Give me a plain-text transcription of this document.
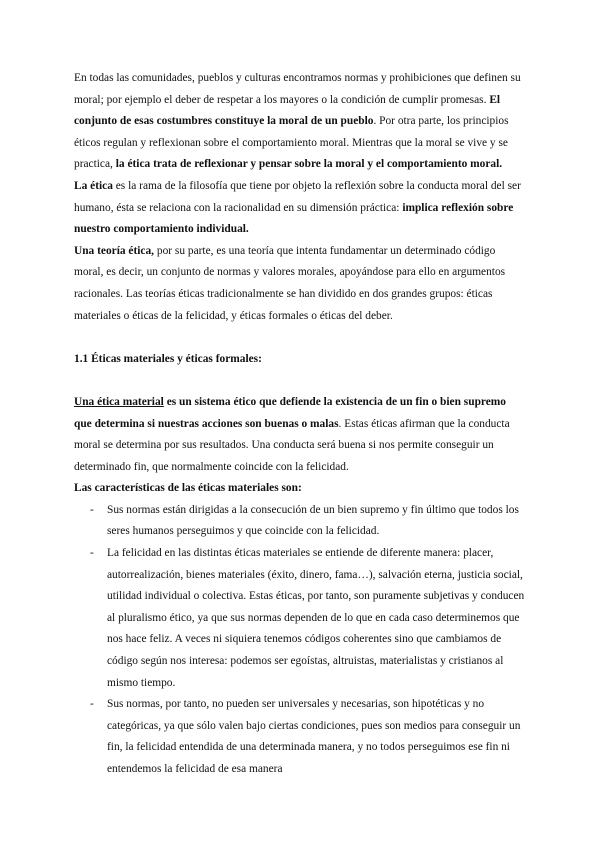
En todas las comunidades, pueblos y culturas encontramos normas y prohibiciones que definen su moral; por ejemplo el deber de respetar a los mayores o la condición de cumplir promesas. El conjunto de esas costumbres constituye la moral de un pueblo. Por otra parte, los principios éticos regulan y reflexionan sobre el comportamiento moral. Mientras que la moral se vive y se practica, la ética trata de reflexionar y pensar sobre la moral y el comportamiento moral.

La ética es la rama de la filosofía que tiene por objeto la reflexión sobre la conducta moral del ser humano, ésta se relaciona con la racionalidad en su dimensión práctica: implica reflexión sobre nuestro comportamiento individual.

Una teoría ética, por su parte, es una teoría que intenta fundamentar un determinado código moral, es decir, un conjunto de normas y valores morales, apoyándose para ello en argumentos racionales. Las teorías éticas tradicionalmente se han dividido en dos grandes grupos: éticas materiales o éticas de la felicidad, y éticas formales o éticas del deber.

1.1 Éticas materiales y éticas formales:

Una ética material es un sistema ético que defiende la existencia de un fin o bien supremo que determina si nuestras acciones son buenas o malas. Estas éticas afirman que la conducta moral se determina por sus resultados. Una conducta será buena si nos permite conseguir un determinado fin, que normalmente coincide con la felicidad.

Las características de las éticas materiales son:

- Sus normas están dirigidas a la consecución de un bien supremo y fin último que todos los seres humanos perseguimos y que coincide con la felicidad.
- La felicidad en las distintas éticas materiales se entiende de diferente manera: placer, autorrealización, bienes materiales (éxito, dinero, fama…), salvación eterna, justicia social, utilidad individual o colectiva. Estas éticas, por tanto, son puramente subjetivas y conducen al pluralismo ético, ya que sus normas dependen de lo que en cada caso determinemos que nos hace feliz. A veces ni siquiera tenemos códigos coherentes sino que cambiamos de código según nos interesa: podemos ser egoístas, altruistas, materialistas y cristianos al mismo tiempo.
- Sus normas, por tanto, no pueden ser universales y necesarias, son hipotéticas y no categóricas, ya que sólo valen bajo ciertas condiciones, pues son medios para conseguir un fin, la felicidad entendida de una determinada manera, y no todos perseguimos ese fin ni entendemos la felicidad de esa manera
